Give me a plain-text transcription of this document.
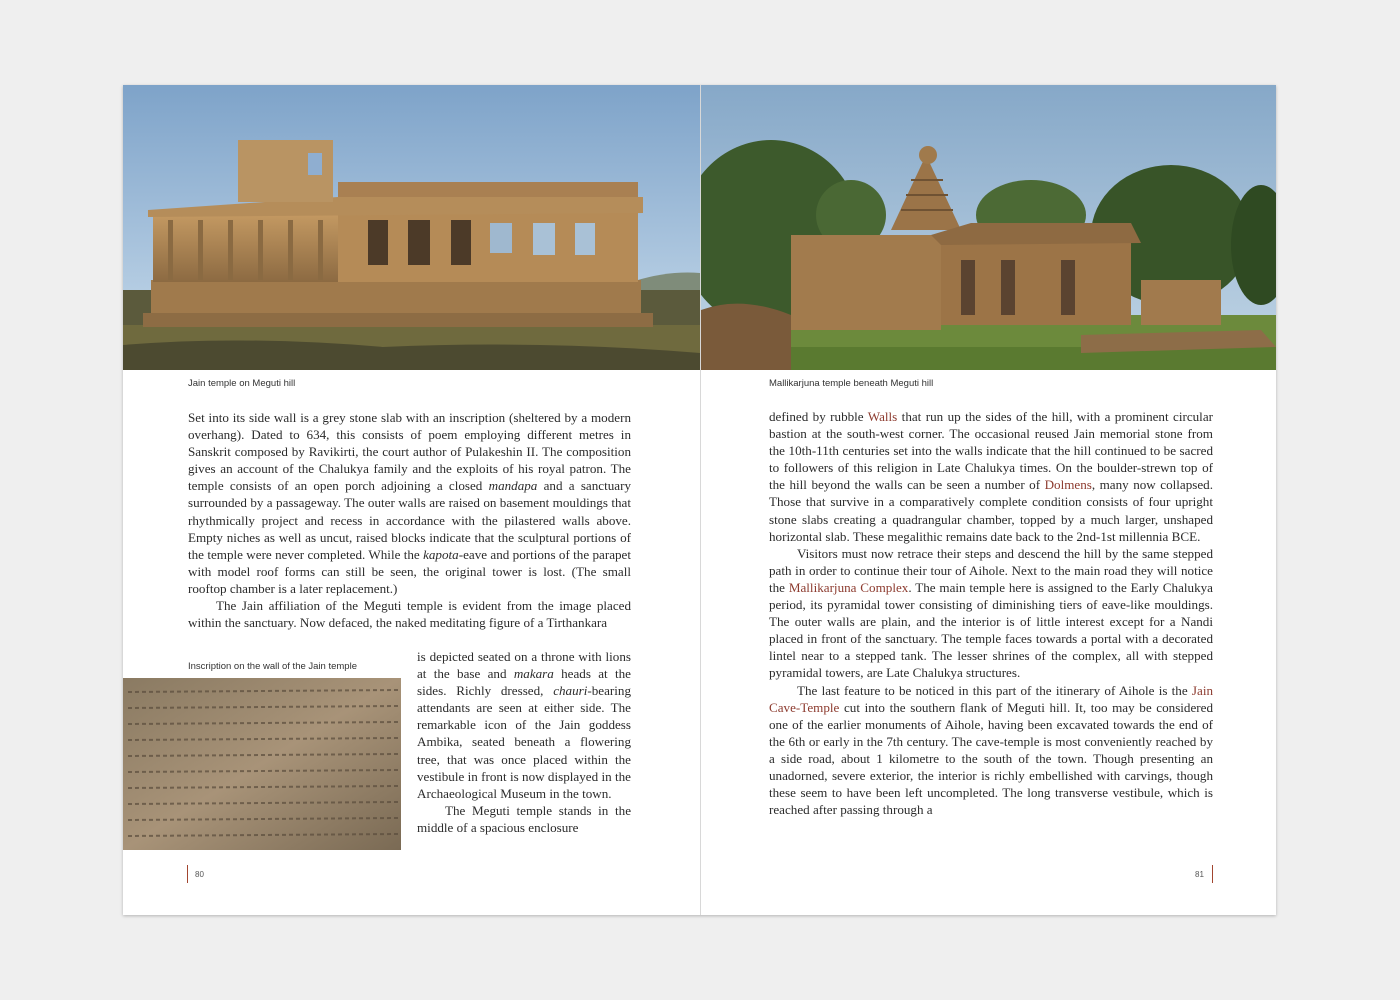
Jain temple on Meguti hill

Set into its side wall is a grey stone slab with an inscription (sheltered by a modern overhang). Dated to 634, this consists of poem employing different metres in Sanskrit composed by Ravikirti, the court author of Pulakeshin II. The composition gives an account of the Chalukya family and the exploits of his royal patron. The temple consists of an open porch adjoining a closed mandapa and a sanctuary surrounded by a passageway. The outer walls are raised on basement mouldings that rhythmically project and recess in accordance with the pilastered walls above. Empty niches as well as uncut, raised blocks indicate that the sculptural portions of the temple were never completed. While the kapota-eave and portions of the parapet with model roof forms can still be seen, the original tower is lost. (The small rooftop chamber is a later replacement.)

The Jain affiliation of the Meguti temple is evident from the image placed within the sanctuary. Now defaced, the naked meditating figure of a Tirthankara

Inscription on the wall of the Jain temple

is depicted seated on a throne with lions at the base and makara heads at the sides. Richly dressed, chauri-bearing attendants are seen at either side. The remarkable icon of the Jain goddess Ambika, seated beneath a flowering tree, that was once placed within the vestibule in front is now displayed in the Archaeological Museum in the town.

The Meguti temple stands in the middle of a spacious enclosure

80
Mallikarjuna temple beneath Meguti hill

defined by rubble Walls that run up the sides of the hill, with a prominent circular bastion at the south-west corner. The occasional reused Jain memorial stone from the 10th-11th centuries set into the walls indicate that the hill continued to be sacred to followers of this religion in Late Chalukya times. On the boulder-strewn top of the hill beyond the walls can be seen a number of Dolmens, many now collapsed. Those that survive in a comparatively complete condition consists of four upright stone slabs creating a quadrangular chamber, topped by a much larger, unshaped horizontal slab. These megalithic remains date back to the 2nd-1st millennia BCE.

Visitors must now retrace their steps and descend the hill by the same stepped path in order to continue their tour of Aihole. Next to the main road they will notice the Mallikarjuna Complex. The main temple here is assigned to the Early Chalukya period, its pyramidal tower consisting of diminishing tiers of eave-like mouldings. The outer walls are plain, and the interior is of little interest except for a Nandi placed in front of the sanctuary. The temple faces towards a portal with a decorated lintel near to a stepped tank. The lesser shrines of the complex, all with stepped pyramidal towers, are Late Chalukya structures.

The last feature to be noticed in this part of the itinerary of Aihole is the Jain Cave-Temple cut into the southern flank of Meguti hill. It, too may be considered one of the earlier monuments of Aihole, having been excavated towards the end of the 6th or early in the 7th century. The cave-temple is most conveniently reached by a side road, about 1 kilometre to the south of the town. Though presenting an unadorned, severe exterior, the interior is richly embellished with carvings, though these seem to have been left uncompleted. The long transverse vestibule, which is reached after passing through a

81
